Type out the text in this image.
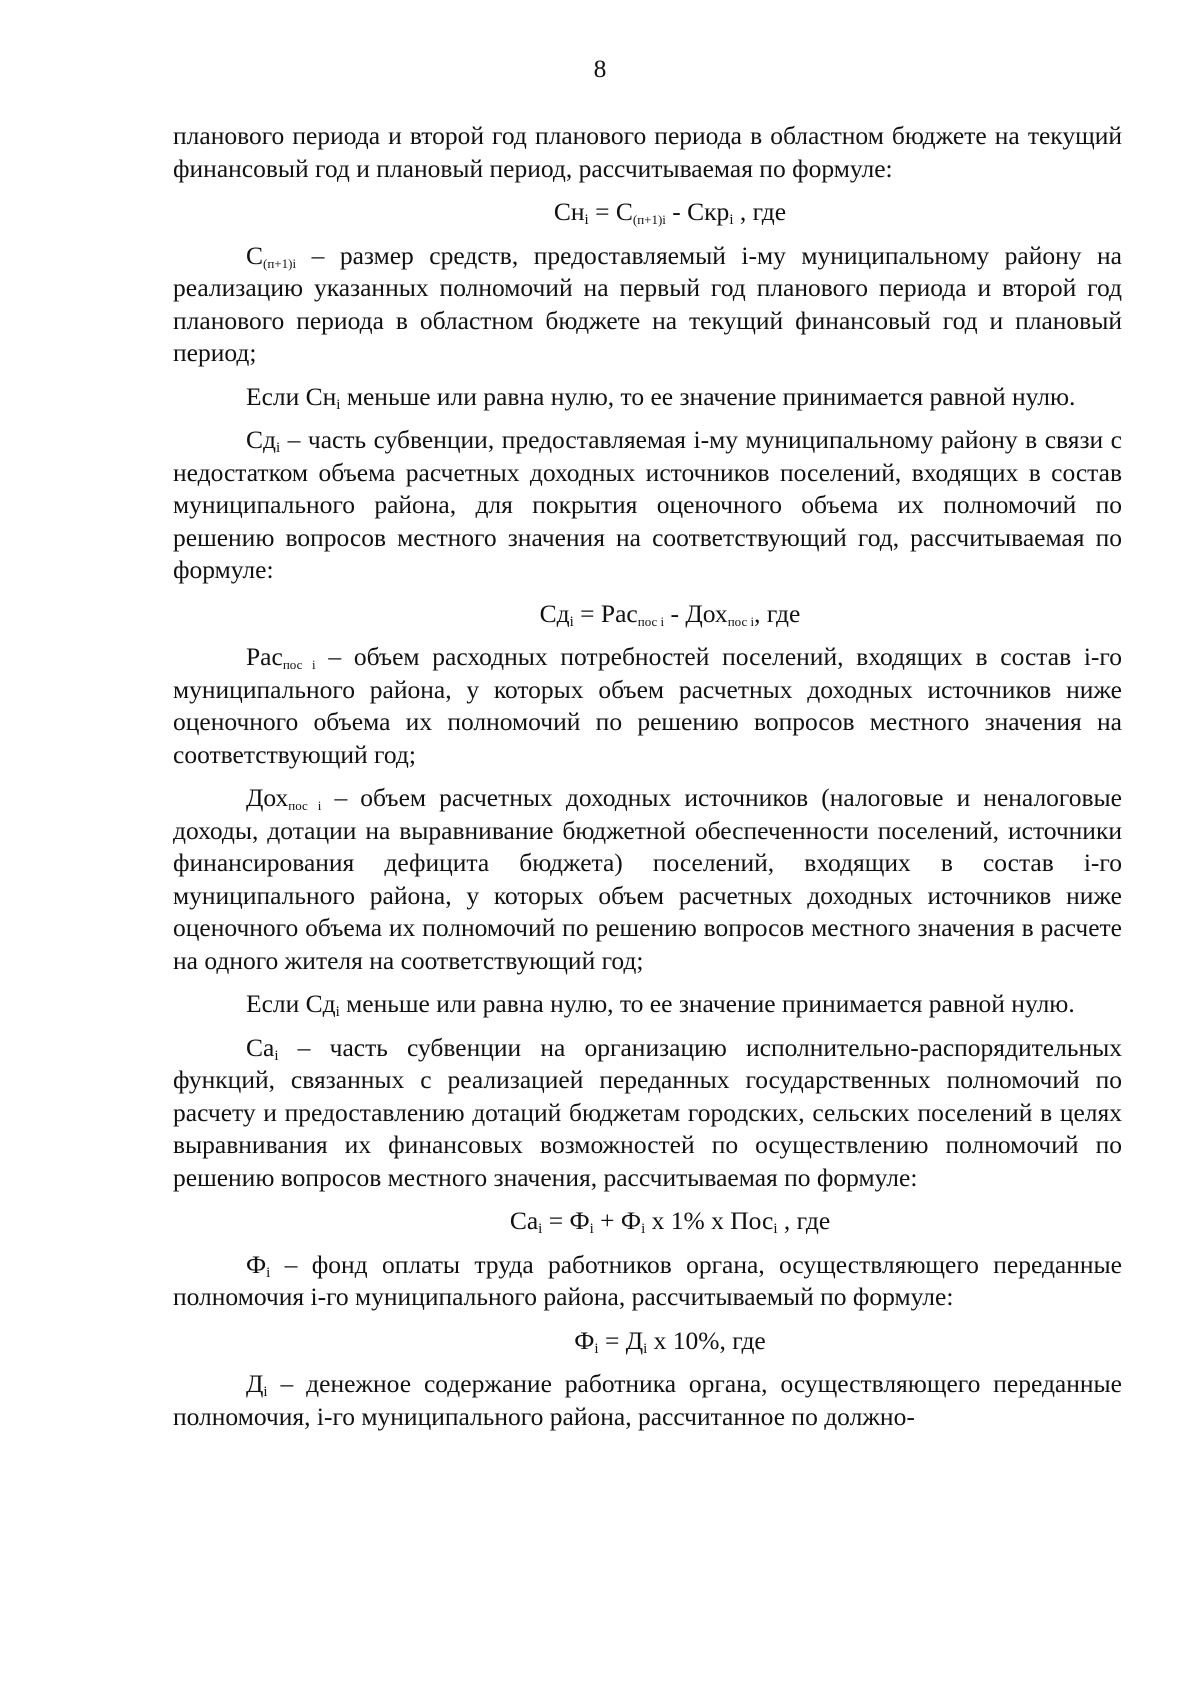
8

планового периода и второй год планового периода в областном бюджете на текущий финансовый год и плановый период, рассчитываемая по формуле:

$Сн_i = С_{(п+1)i} - Скр_i$ , где

$С_{(п+1)i}$ – размер средств, предоставляемый i-му муниципальному району на реализацию указанных полномочий на первый год планового периода и второй год планового периода в областном бюджете на текущий финансовый год и плановый период;

Если $Сн_i$ меньше или равна нулю, то ее значение принимается равной нулю.

$Сд_i$ – часть субвенции, предоставляемая i-му муниципальному району в связи с недостатком объема расчетных доходных источников поселений, входящих в состав муниципального района, для покрытия оценочного объема их полномочий по решению вопросов местного значения на соответствующий год, рассчитываемая по формуле:

$Сд_i = Рас_{пос i} - Дох_{пос i}$, где

Рас$_{пос i}$ – объем расходных потребностей поселений, входящих в состав i-го муниципального района, у которых объем расчетных доходных источников ниже оценочного объема их полномочий по решению вопросов местного значения на соответствующий год;

Дох$_{пос i}$ – объем расчетных доходных источников (налоговые и неналоговые доходы, дотации на выравнивание бюджетной обеспеченности поселений, источники финансирования дефицита бюджета) поселений, входящих в состав i-го муниципального района, у которых объем расчетных доходных источников ниже оценочного объема их полномочий по решению вопросов местного значения в расчете на одного жителя на соответствующий год;

Если $Сд_i$ меньше или равна нулю, то ее значение принимается равной нулю.

$Са_i$ – часть субвенции на организацию исполнительно-распорядительных функций, связанных с реализацией переданных государственных полномочий по расчету и предоставлению дотаций бюджетам городских, сельских поселений в целях выравнивания их финансовых возможностей по осуществлению полномочий по решению вопросов местного значения, рассчитываемая по формуле:

$Са_i = Ф_i + Ф_i$ х 1% х Пос$_i$ , где

$Ф_i$ – фонд оплаты труда работников органа, осуществляющего переданные полномочия i-го муниципального района, рассчитываемый по формуле:

$Ф_i = Д_i$ х 10%, где

$Д_i$ – денежное содержание работника органа, осуществляющего переданные полномочия, i-го муниципального района, рассчитанное по должно-
